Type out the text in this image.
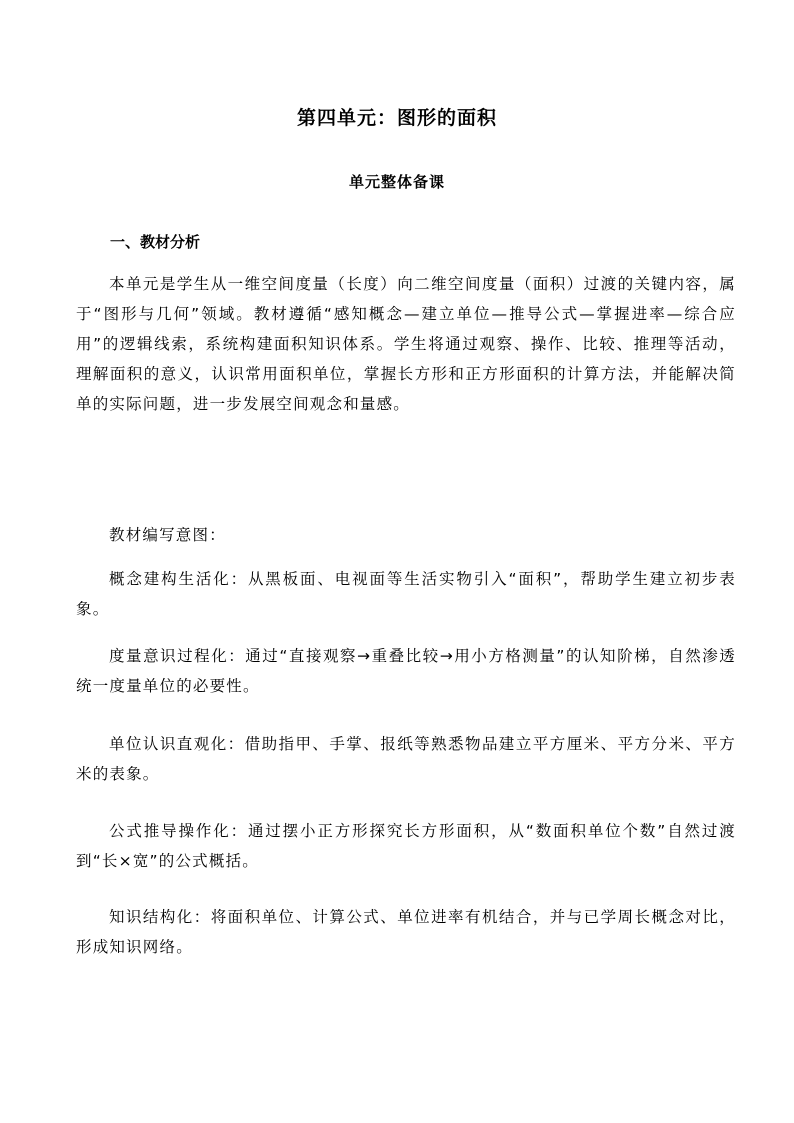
第四单元：图形的面积
单元整体备课
一、教材分析

本单元是学生从一维空间度量（长度）向二维空间度量（面积）过渡的关键内容，属于“图形与几何”领域。教材遵循“感知概念—建立单位—推导公式—掌握进率—综合应用”的逻辑线索，系统构建面积知识体系。学生将通过观察、操作、比较、推理等活动，理解面积的意义，认识常用面积单位，掌握长方形和正方形面积的计算方法，并能解决简单的实际问题，进一步发展空间观念和量感。

教材编写意图：

概念建构生活化：从黑板面、电视面等生活实物引入“面积”，帮助学生建立初步表象。

度量意识过程化：通过“直接观察→重叠比较→用小方格测量”的认知阶梯，自然渗透统一度量单位的必要性。

单位认识直观化：借助指甲、手掌、报纸等熟悉物品建立平方厘米、平方分米、平方米的表象。

公式推导操作化：通过摆小正方形探究长方形面积，从“数面积单位个数”自然过渡到“长×宽”的公式概括。

知识结构化：将面积单位、计算公式、单位进率有机结合，并与已学周长概念对比，形成知识网络。
